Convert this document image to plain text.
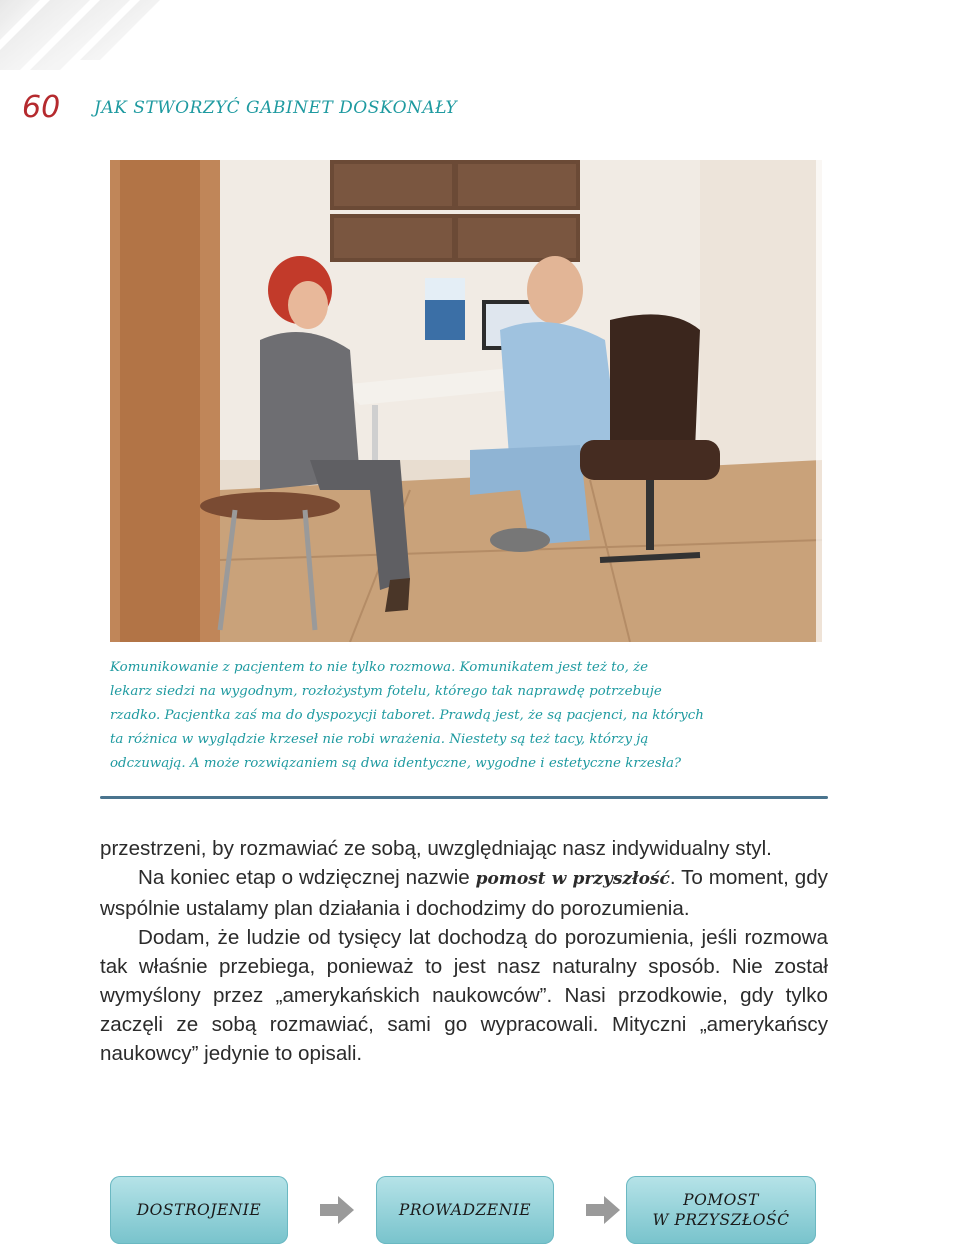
60 JAK STWORZYĆ GABINET DOSKONAŁY
Komunikowanie z pacjentem to nie tylko rozmowa. Komunikatem jest też to, że
lekarz siedzi na wygodnym, rozłożystym fotelu, którego tak naprawdę potrzebuje
rzadko. Pacjentka zaś ma do dyspozycji taboret. Prawdą jest, że są pacjenci, na których
ta różnica w wyglądzie krzeseł nie robi wrażenia. Niestety są też tacy, którzy ją
odczuwają. A może rozwiązaniem są dwa identyczne, wygodne i estetyczne krzesła?

przestrzeni, by rozmawiać ze sobą, uwzględniając nasz indywidualny styl.

Na koniec etap o wdzięcznej nazwie pomost w przyszłość. To moment, gdy wspólnie ustalamy plan działania i dochodzimy do porozumienia.

Dodam, że ludzie od tysięcy lat dochodzą do porozumienia, jeśli rozmowa tak właśnie przebiega, ponieważ to jest nasz naturalny sposób. Nie został wymyślony przez „amerykańskich naukowców”. Nasi przodkowie, gdy tylko zaczęli ze sobą rozmawiać, sami go wypracowali. Mityczni „amerykańscy naukowcy” jedynie to opisali.

DOSTROJENIE	PROWADZENIE
POMOST
W PRZYSZŁOŚĆ
